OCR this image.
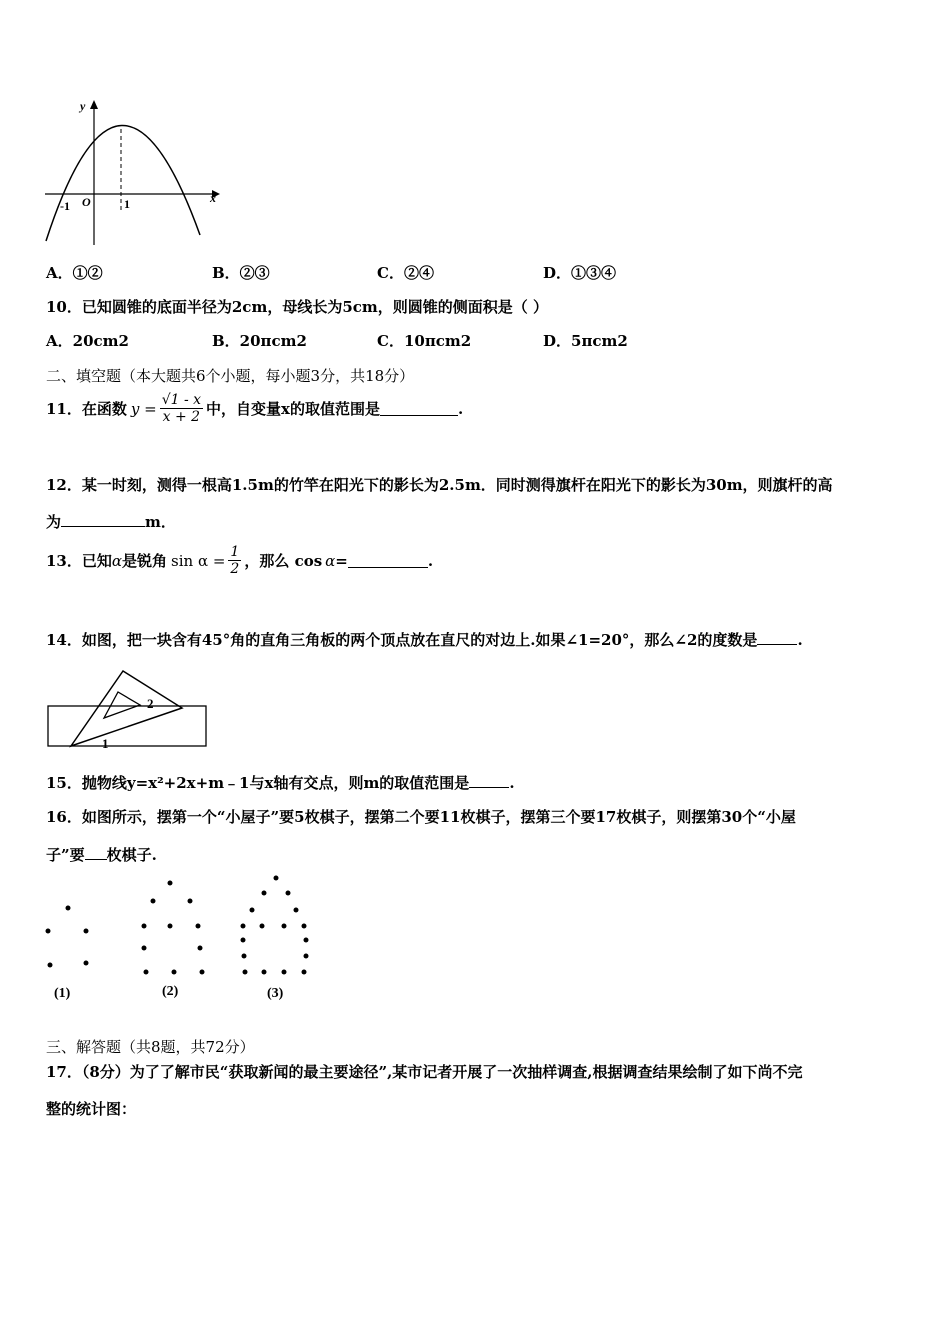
y
x
-1 O	1
A．①②	B．②③	C．②④	D．①③④
10．已知圆锥的底面半径为2cm，母线长为5cm，则圆锥的侧面积是（ ）
A．20cm2	B．20πcm2	C．10πcm2	D．5πcm2
二、填空题（本大题共6个小题，每小题3分，共18分）
11．在函数 $y = \frac{√1 - x}{x + 2}$ 中，自变量x的取值范围是	.
12．某一时刻，测得一根高1.5m的竹竿在阳光下的影长为2.5m．同时测得旗杆在阳光下的影长为30m，则旗杆的高
为	m．
13．已知 α 是锐角 $\sin \alpha = \frac{1}{2}$ ，那么 cos α =	.
14．如图，把一块含有45°角的直角三角板的两个顶点放在直尺的对边上.如果∠1=20°，那么∠2的度数是	.
1
2
15．抛物线y=x²+2x+m﹣1与x轴有交点，则m的取值范围是	.
16．如图所示，摆第一个“小屋子”要5枚棋子，摆第二个要11枚棋子，摆第三个要17枚棋子，则摆第30个“小屋
子”要 枚棋子.
(1)	(2)	(3)
三、解答题（共8题，共72分）
17．（8分）为了了解市民“获取新闻的最主要途径”,某市记者开展了一次抽样调查,根据调查结果绘制了如下尚不完
整的统计图：
